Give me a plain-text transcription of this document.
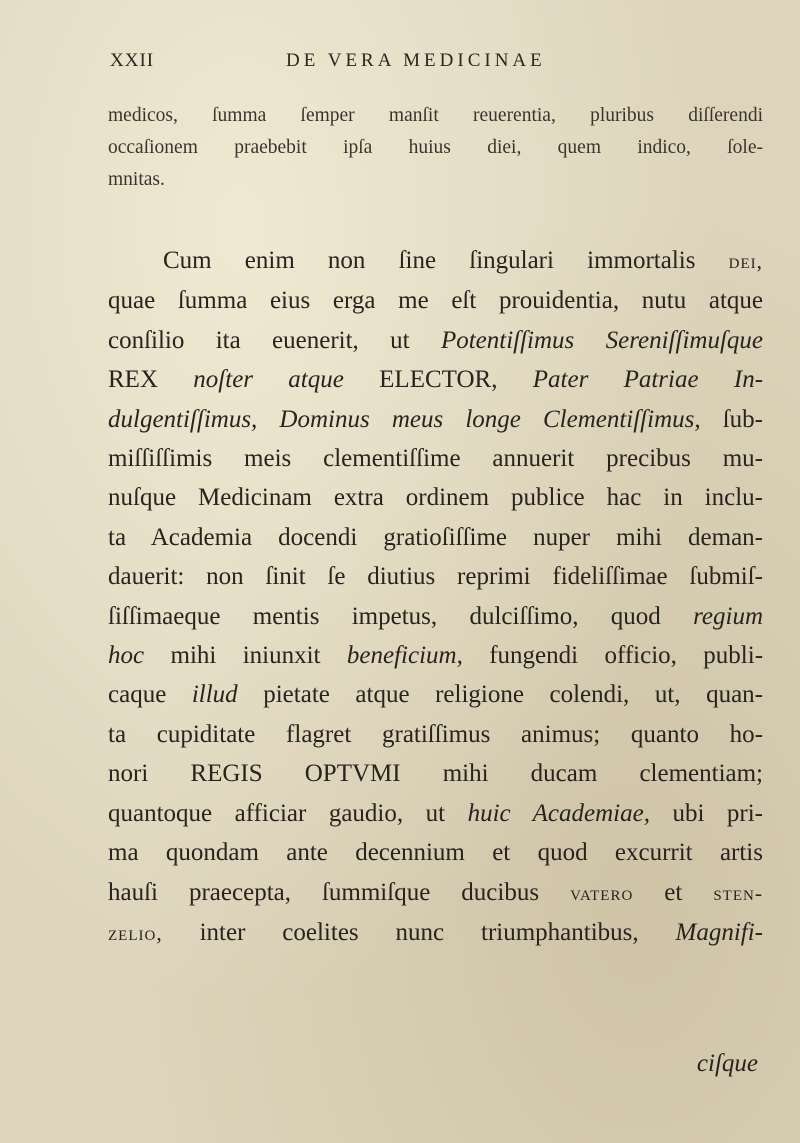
XXII	DE VERA MEDICINAE
medicos, ſumma ſemper manſit reuerentia, pluribus diſſerendi
occaſionem praebebit ipſa huius diei, quem indico, ſole-
mnitas.
Cum enim non ſine ſingulari immortalis dei,
quae ſumma eius erga me eſt prouidentia, nutu atque
conſilio ita euenerit, ut Potentiſſimus Sereniſſimuſque
REX noſter atque ELECTOR, Pater Patriae In-
dulgentiſſimus, Dominus meus longe Clementiſſimus, ſub-
miſſiſſimis meis clementiſſime annuerit precibus mu-
nuſque Medicinam extra ordinem publice hac in inclu-
ta Academia docendi gratioſiſſime nuper mihi deman-
dauerit: non ſinit ſe diutius reprimi fideliſſimae ſubmiſ-
ſiſſimaeque mentis impetus, dulciſſimo, quod regium
hoc mihi iniunxit beneficium, fungendi officio, publi-
caque illud pietate atque religione colendi, ut, quan-
ta cupiditate flagret gratiſſimus animus; quanto ho-
nori REGIS OPTVMI mihi ducam clementiam;
quantoque afficiar gaudio, ut huic Academiae, ubi pri-
ma quondam ante decennium et quod excurrit artis
hauſi praecepta, ſummiſque ducibus vatero et sten-
zelio, inter coelites nunc triumphantibus, Magnifi-
ciſque
